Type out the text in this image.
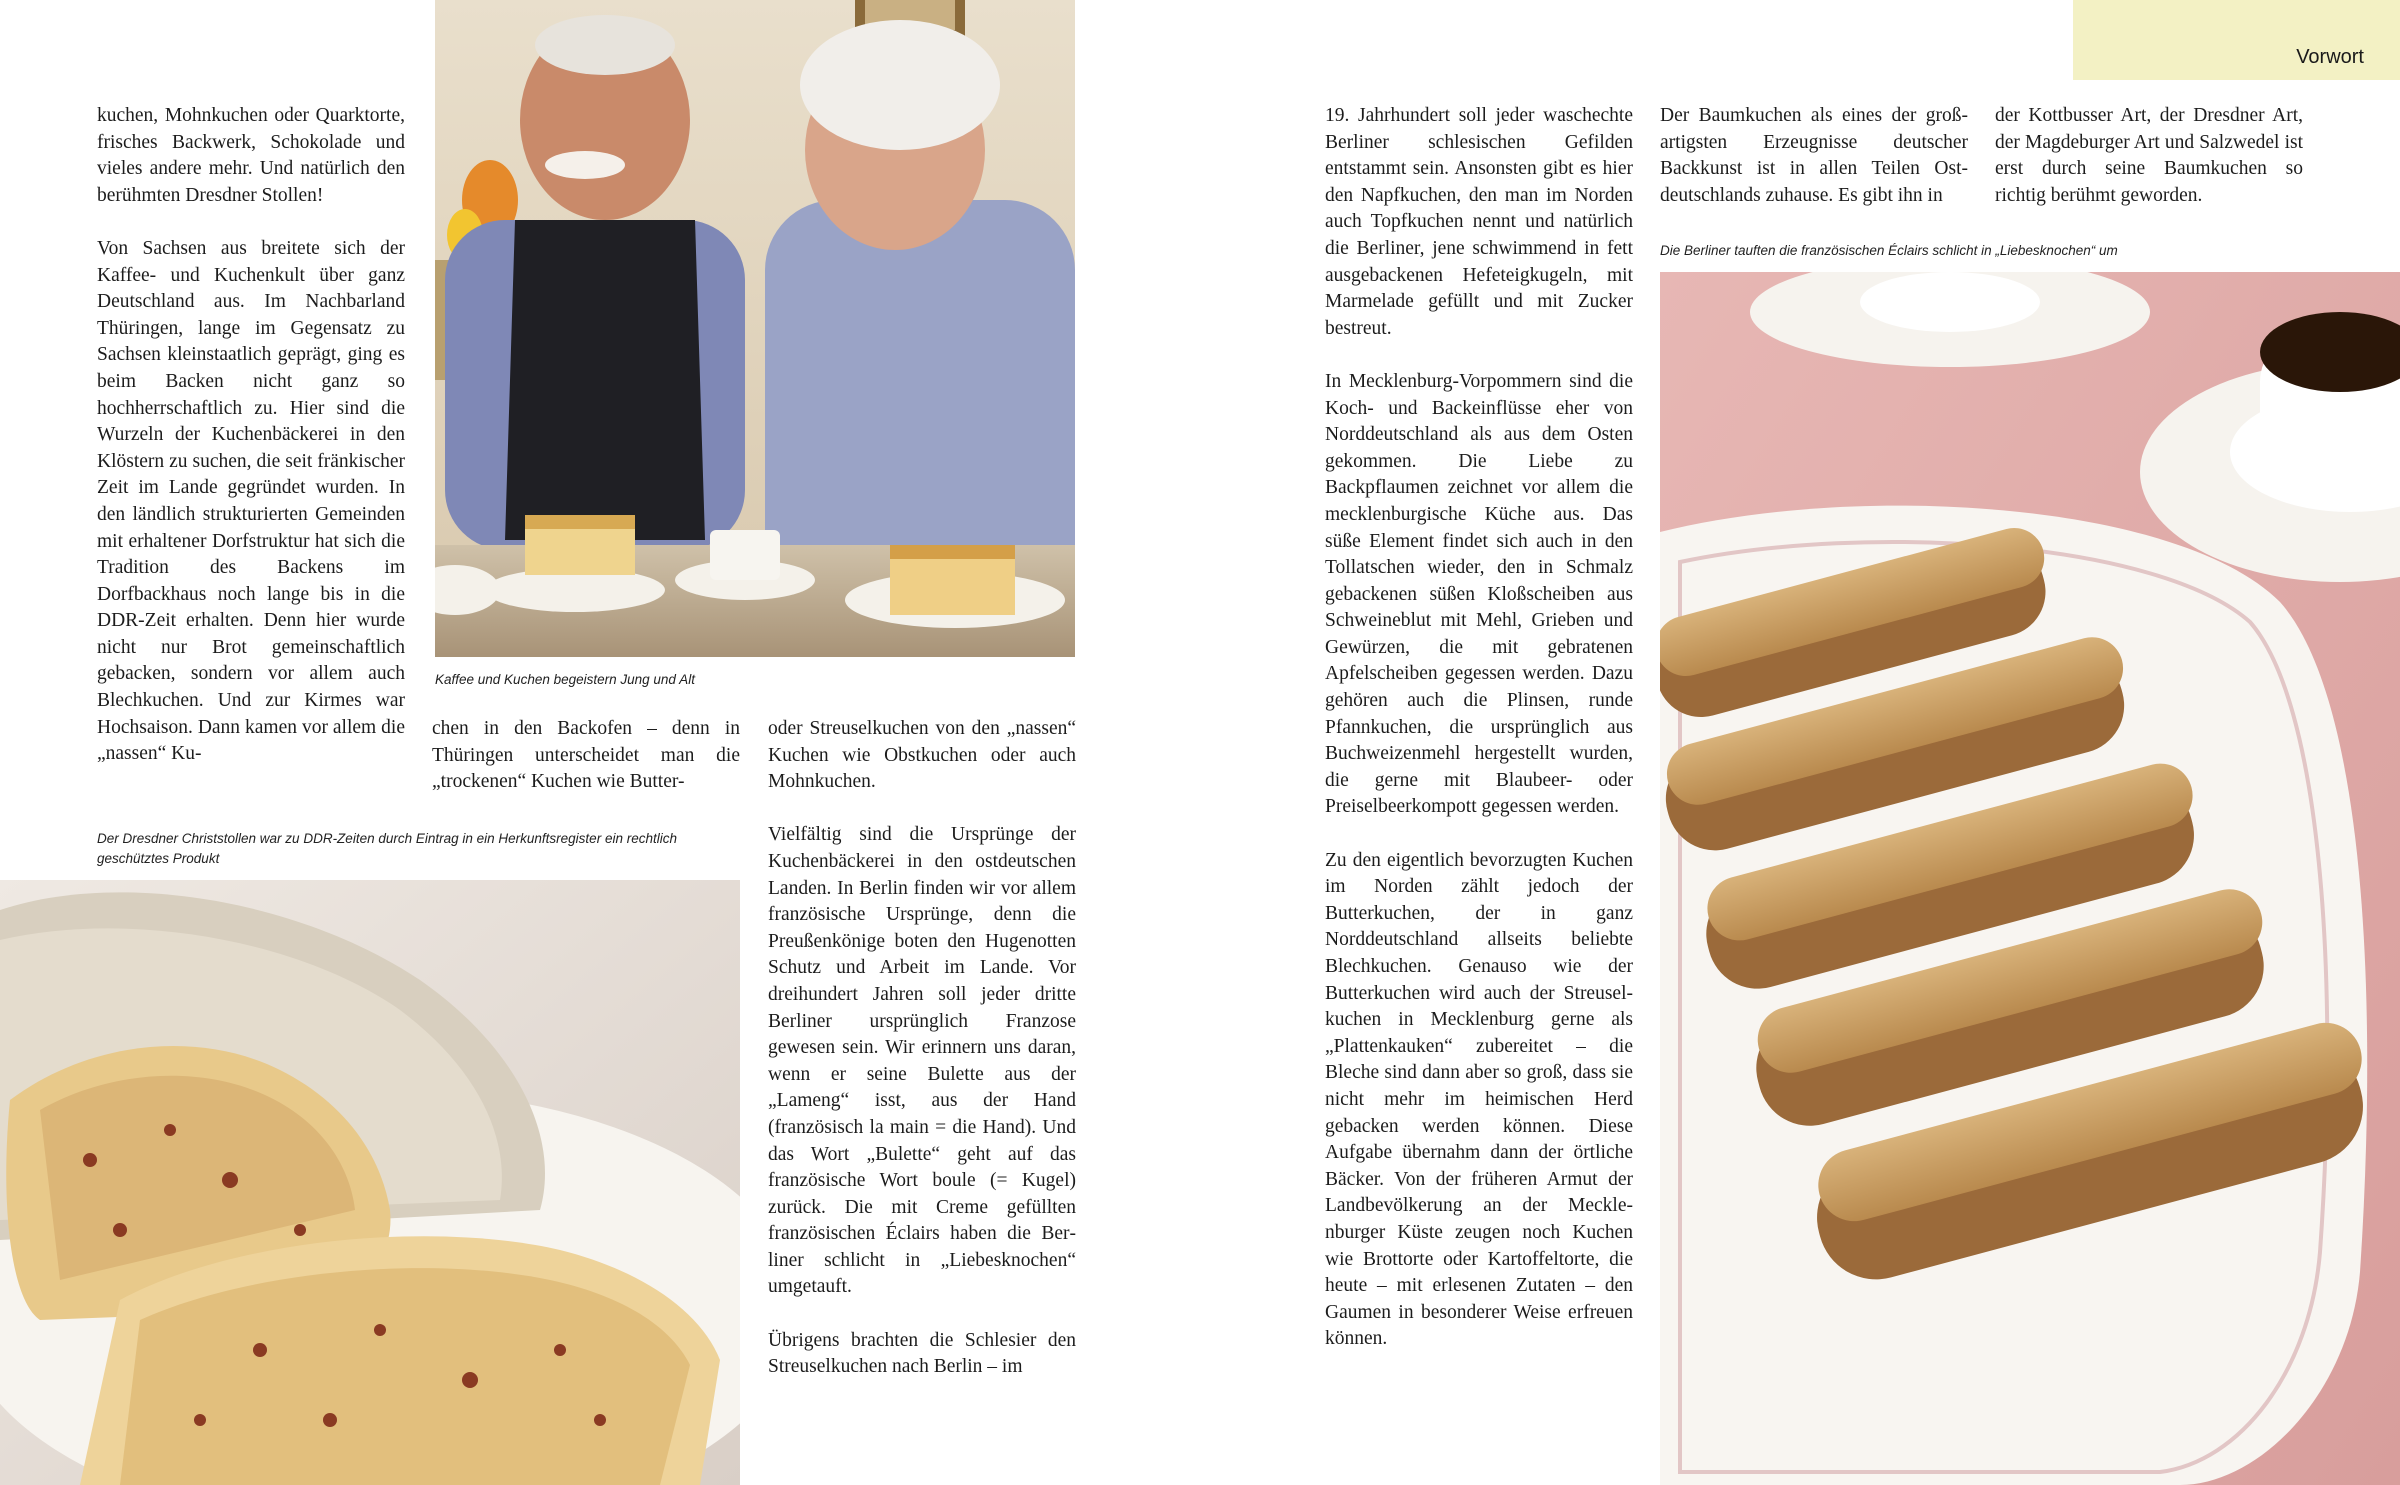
Vorwort

kuchen, Mohnkuchen oder Quarktorte, frisches Backwerk, Schokolade und vieles andere mehr. Und natürlich den berühmten Dresdner Stollen!

Von Sachsen aus breitete sich der Kaffee- und Kuchenkult über ganz Deutschland aus. Im Nachbarland Thüringen, lange im Gegensatz zu Sachsen kleinstaatlich geprägt, ging es beim Backen nicht ganz so hochherrschaftlich zu. Hier sind die Wurzeln der Kuchenbäckerei in den Klöstern zu suchen, die seit fränkischer Zeit im Lande gegründet wurden. In den ländlich strukturierten Gemeinden mit erhaltener Dorfstruktur hat sich die Tradition des Backens im Dorfbackhaus noch lange bis in die DDR-Zeit erhalten. Denn hier wurde nicht nur Brot gemeinschaftlich gebacken, sondern vor allem auch Blechkuchen. Und zur Kirmes war Hochsaison. Dann kamen vor allem die „nassen“ Ku-

Kaffee und Kuchen begeistern Jung und Alt

chen in den Backofen – denn in Thüringen unterscheidet man die „trockenen“ Kuchen wie Butter-

oder Streuselkuchen von den „nassen“ Kuchen wie Obstkuchen oder auch Mohnkuchen.

Vielfältig sind die Ursprünge der Kuchenbäckerei in den ostdeutschen Landen. In Berlin finden wir vor allem französische Ursprünge, denn die Preußenkönige boten den Hugenotten Schutz und Arbeit im Lande. Vor dreihundert Jahren soll jeder dritte Berliner ursprünglich Franzose gewesen sein. Wir erinnern uns daran, wenn er seine Bulette aus der „Lameng“ isst, aus der Hand (französisch la main = die Hand). Und das Wort „Bulette“ geht auf das französische Wort boule (= Kugel) zurück. Die mit Creme gefüllten französischen Éclairs haben die Berliner schlicht in „Liebesknochen“ umgetauft.

Übrigens brachten die Schlesier den Streuselkuchen nach Berlin – im

Der Dresdner Christstollen war zu DDR-Zeiten durch Eintrag in ein Herkunftsregister ein rechtlich geschütztes Produkt

19. Jahrhundert soll jeder waschechte Berliner schlesischen Gefilden entstammt sein. Ansonsten gibt es hier den Napfkuchen, den man im Norden auch Topfkuchen nennt und natürlich die Berliner, jene schwimmend in fett ausgebackenen Hefeteigkugeln, mit Marmelade gefüllt und mit Zucker bestreut.

In Mecklenburg-Vorpommern sind die Koch- und Backeinflüsse eher von Norddeutschland als aus dem Osten gekommen. Die Liebe zu Backpflaumen zeichnet vor allem die mecklenburgische Küche aus. Das süße Element findet sich auch in den Tollatschen wieder, den in Schmalz gebackenen süßen Kloßscheiben aus Schweineblut mit Mehl, Grieben und Gewürzen, die mit gebratenen Apfelscheiben gegessen werden. Dazu gehören auch die Plinsen, runde Pfannkuchen, die ursprünglich aus Buchweizenmehl hergestellt wurden, die gerne mit Blaubeer- oder Preiselbeerkompott gegessen werden.

Zu den eigentlich bevorzugten Kuchen im Norden zählt jedoch der Butterkuchen, der in ganz Norddeutschland allseits beliebte Blechkuchen. Genauso wie der Butterkuchen wird auch der Streuselkuchen in Mecklenburg gerne als „Plattenkauken“ zubereitet – die Bleche sind dann aber so groß, dass sie nicht mehr im heimischen Herd gebacken werden können. Diese Aufgabe übernahm dann der örtliche Bäcker. Von der früheren Armut der Landbevölkerung an der Mecklenburger Küste zeugen noch Kuchen wie Brottorte oder Kartoffeltorte, die heute – mit erlesenen Zutaten – den Gaumen in besonderer Weise erfreuen können.

Der Baumkuchen als eines der großartigsten Erzeugnisse deutscher Backkunst ist in allen Teilen Ostdeutschlands zuhause. Es gibt ihn in

der Kottbusser Art, der Dresdner Art, der Magdeburger Art und Salzwedel ist erst durch seine Baumkuchen so richtig berühmt geworden.

Die Berliner tauften die französischen Éclairs schlicht in „Liebesknochen“ um
